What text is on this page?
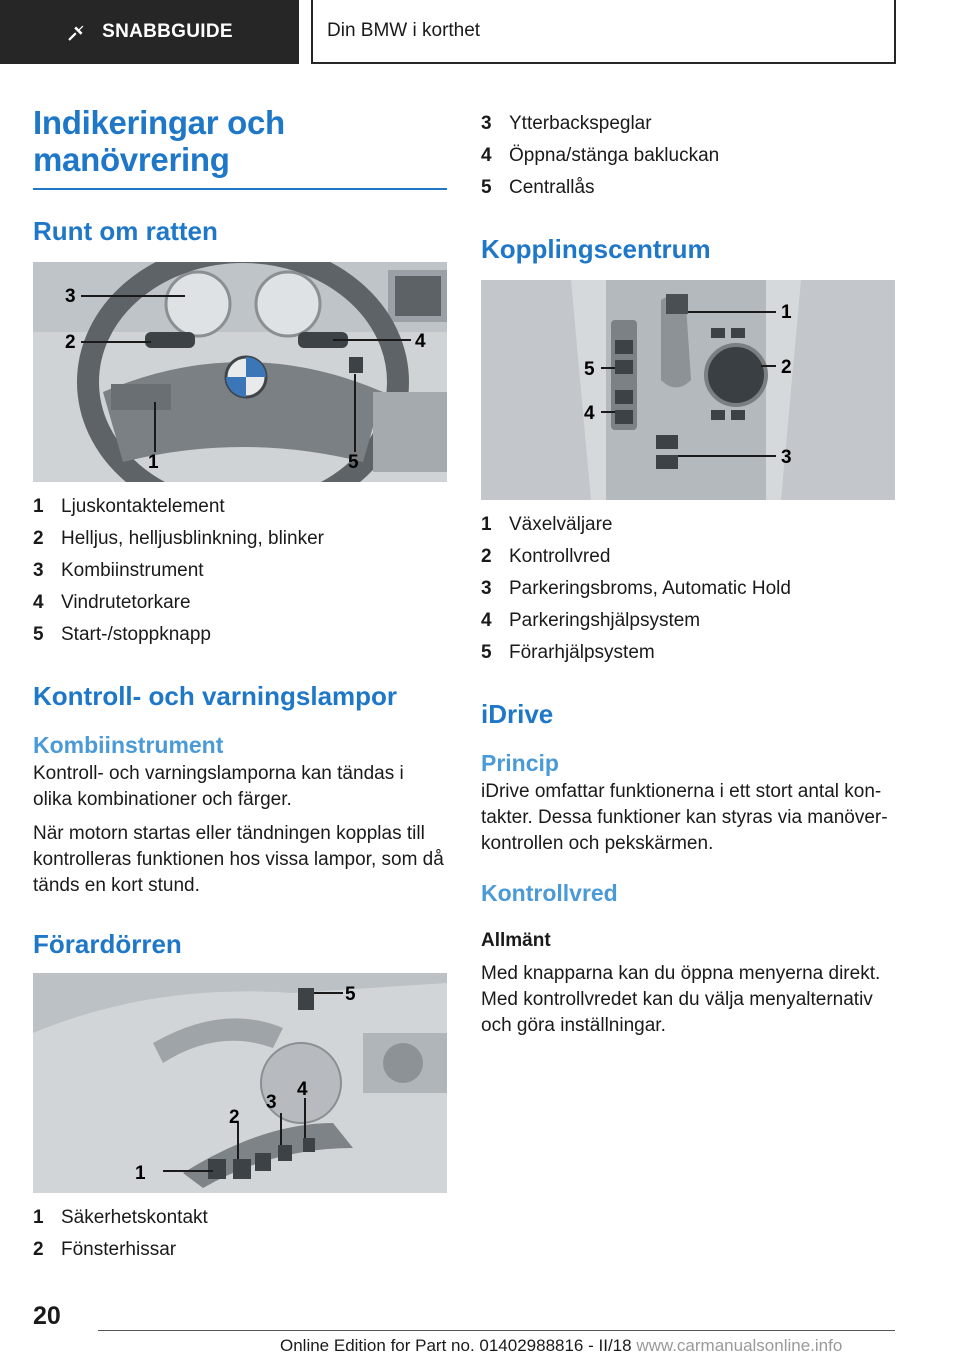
SNABBGUIDE	Din BMW i korthet
Indikeringar och
manövrering
Runt om ratten
3
2	4
1	5
1 Ljuskontaktelement
2 Helljus, helljusblinkning, blinker
3 Kombiinstrument
4 Vindrutetorkare
5 Start-/stoppknapp
Kontroll- och varningslampor
Kombiinstrument

Kontroll- och varningslamporna kan tändas i olika kombinationer och färger.

När motorn startas eller tändningen kopplas till kontrolleras funktionen hos vissa lampor, som då tänds en kort stund.

Förardörren
1
2
3
4
5
1 Säkerhetskontakt
2 Fönsterhissar
3 Ytterbackspeglar
4 Öppna/stänga bakluckan
5 Centrallås
Kopplingscentrum
1
2
3
4
5
1 Växelväljare
2 Kontrollvred
3 Parkeringsbroms, Automatic Hold
4 Parkeringshjälpsystem
5 Förarhjälpsystem
iDrive
Princip

iDrive omfattar funktionerna i ett stort antal kontakter. Dessa funktioner kan styras via manöverkontrollen och pekskärmen.

Kontrollvred
Allmänt

Med knapparna kan du öppna menyerna direkt. Med kontrollvredet kan du välja menyalternativ och göra inställningar.

20
Online Edition for Part no. 01402988816 - II/18 www.carmanualsonline.info
